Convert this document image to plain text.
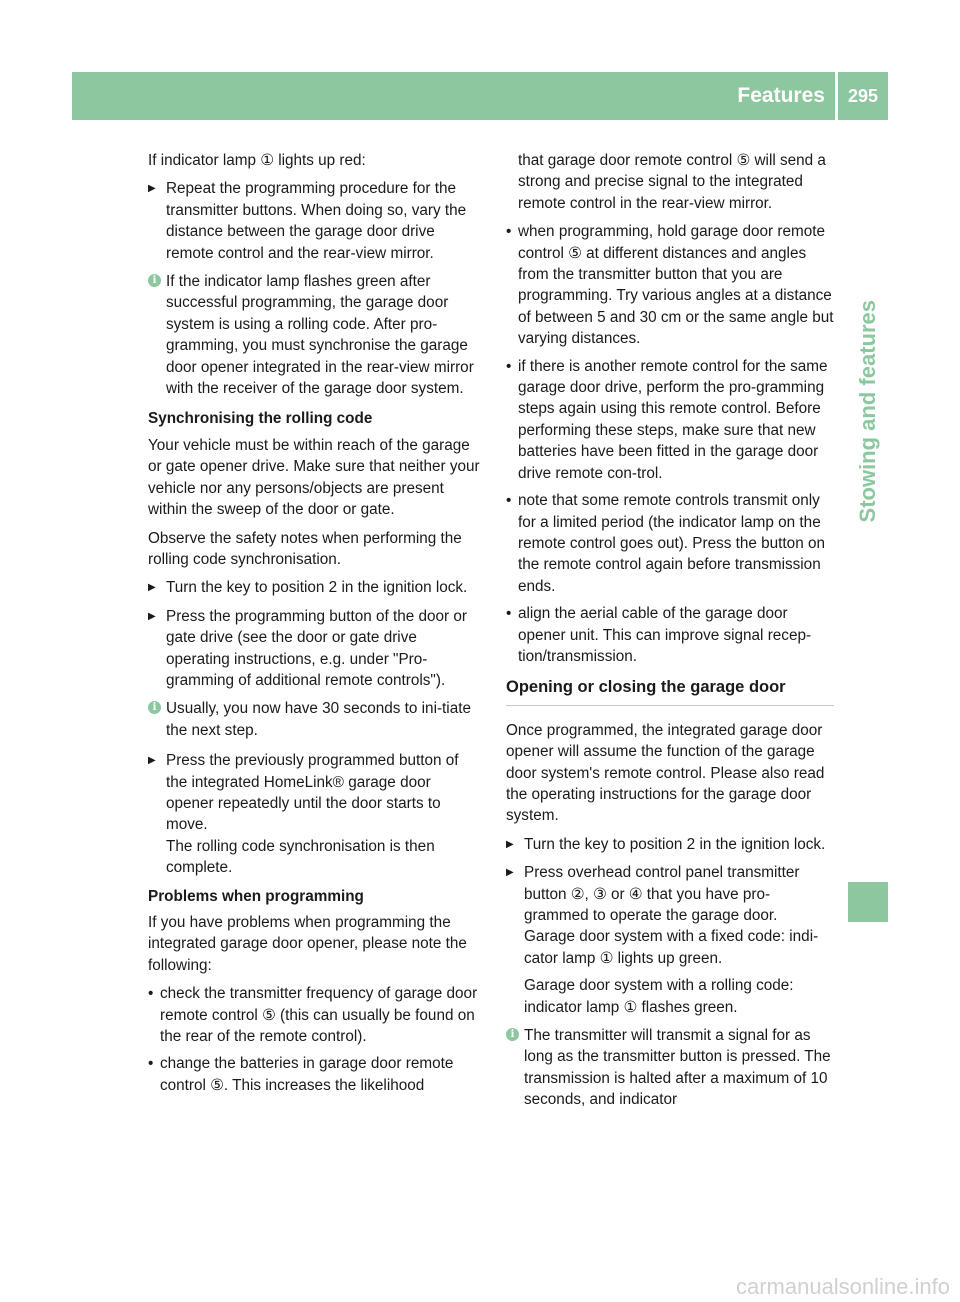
Features	295
Stowing and features

If indicator lamp ① lights up red:

▶ Repeat the programming procedure for the transmitter buttons. When doing so, vary the distance between the garage door drive remote control and the rear-view mirror.
i If the indicator lamp flashes green after successful programming, the garage door system is using a rolling code. After pro-gramming, you must synchronise the garage door opener integrated in the rear-view mirror with the receiver of the garage door system.

Synchronising the rolling code

Your vehicle must be within reach of the garage or gate opener drive. Make sure that neither your vehicle nor any persons/objects are present within the sweep of the door or gate.

Observe the safety notes when performing the rolling code synchronisation.

▶ Turn the key to position 2 in the ignition lock.
▶ Press the programming button of the door or gate drive (see the door or gate drive operating instructions, e.g. under "Pro-gramming of additional remote controls").
i Usually, you now have 30 seconds to ini-tiate the next step.
▶ Press the previously programmed button of the integrated HomeLink® garage door opener repeatedly until the door starts to move.
The rolling code synchronisation is then complete.

Problems when programming

If you have problems when programming the integrated garage door opener, please note the following:

• check the transmitter frequency of garage door remote control ⑤ (this can usually be found on the rear of the remote control).
• change the batteries in garage door remote control ⑤. This increases the likelihood

that garage door remote control ⑤ will send a strong and precise signal to the integrated remote control in the rear-view mirror.

• when programming, hold garage door remote control ⑤ at different distances and angles from the transmitter button that you are programming. Try various angles at a distance of between 5 and 30 cm or the same angle but varying distances.
• if there is another remote control for the same garage door drive, perform the pro-gramming steps again using this remote control. Before performing these steps, make sure that new batteries have been fitted in the garage door drive remote con-trol.
• note that some remote controls transmit only for a limited period (the indicator lamp on the remote control goes out). Press the button on the remote control again before transmission ends.
• align the aerial cable of the garage door opener unit. This can improve signal recep-tion/transmission.
Opening or closing the garage door

Once programmed, the integrated garage door opener will assume the function of the garage door system's remote control. Please also read the operating instructions for the garage door system.

▶ Turn the key to position 2 in the ignition lock.
▶ Press overhead control panel transmitter button ②, ③ or ④ that you have pro-grammed to operate the garage door.

Garage door system with a fixed code: indi-cator lamp ① lights up green.

Garage door system with a rolling code: indicator lamp ① flashes green.

i The transmitter will transmit a signal for as long as the transmitter button is pressed. The transmission is halted after a maximum of 10 seconds, and indicator
carmanualsonline.info
